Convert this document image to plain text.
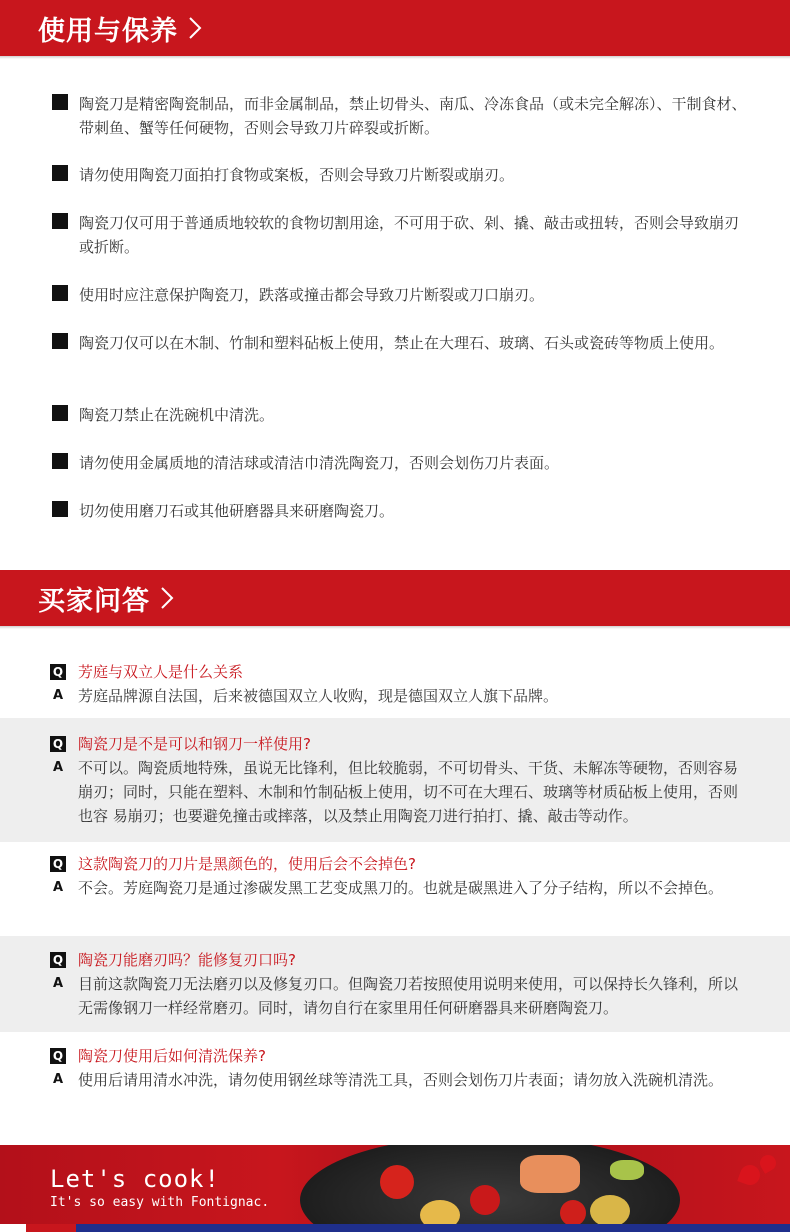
使用与保养
陶瓷刀是精密陶瓷制品，而非金属制品，禁止切骨头、南瓜、冷冻食品（或未完全解冻）、干制食材、 带刺鱼、蟹等任何硬物，否则会导致刀片碎裂或折断。
请勿使用陶瓷刀面拍打食物或案板，否则会导致刀片断裂或崩刃。
陶瓷刀仅可用于普通质地较软的食物切割用途，不可用于砍、剁、撬、敲击或扭转，否则会导致崩刃或折断。
使用时应注意保护陶瓷刀，跌落或撞击都会导致刀片断裂或刀口崩刃。
陶瓷刀仅可以在木制、竹制和塑料砧板上使用，禁止在大理石、玻璃、石头或瓷砖等物质上使用。
陶瓷刀禁止在洗碗机中清洗。
请勿使用金属质地的清洁球或清洁巾清洗陶瓷刀，否则会划伤刀片表面。
切勿使用磨刀石或其他研磨器具来研磨陶瓷刀。
买家问答
Q 芳庭与双立人是什么关系
A 芳庭品牌源自法国，后来被德国双立人收购，现是德国双立人旗下品牌。
Q 陶瓷刀是不是可以和钢刀一样使用?
A 不可以。陶瓷质地特殊，虽说无比锋利，但比较脆弱，不可切骨头、干货、未解冻等硬物，否则容易 崩刃；同时，只能在塑料、木制和竹制砧板上使用，切不可在大理石、玻璃等材质砧板上使用，否则也容 易崩刃；也要避免撞击或摔落，以及禁止用陶瓷刀进行拍打、撬、敲击等动作。
Q 这款陶瓷刀的刀片是黑颜色的，使用后会不会掉色?
A 不会。芳庭陶瓷刀是通过渗碳发黑工艺变成黑刀的。也就是碳黑进入了分子结构，所以不会掉色。
Q 陶瓷刀能磨刃吗？能修复刃口吗?
A 目前这款陶瓷刀无法磨刃以及修复刃口。但陶瓷刀若按照使用说明来使用，可以保持长久锋利，所以 无需像钢刀一样经常磨刃。同时，请勿自行在家里用任何研磨器具来研磨陶瓷刀。
Q 陶瓷刀使用后如何清洗保养?
A 使用后请用清水冲洗，请勿使用钢丝球等清洗工具，否则会划伤刀片表面；请勿放入洗碗机清洗。
Let's cook!
It's so easy with Fontignac.
